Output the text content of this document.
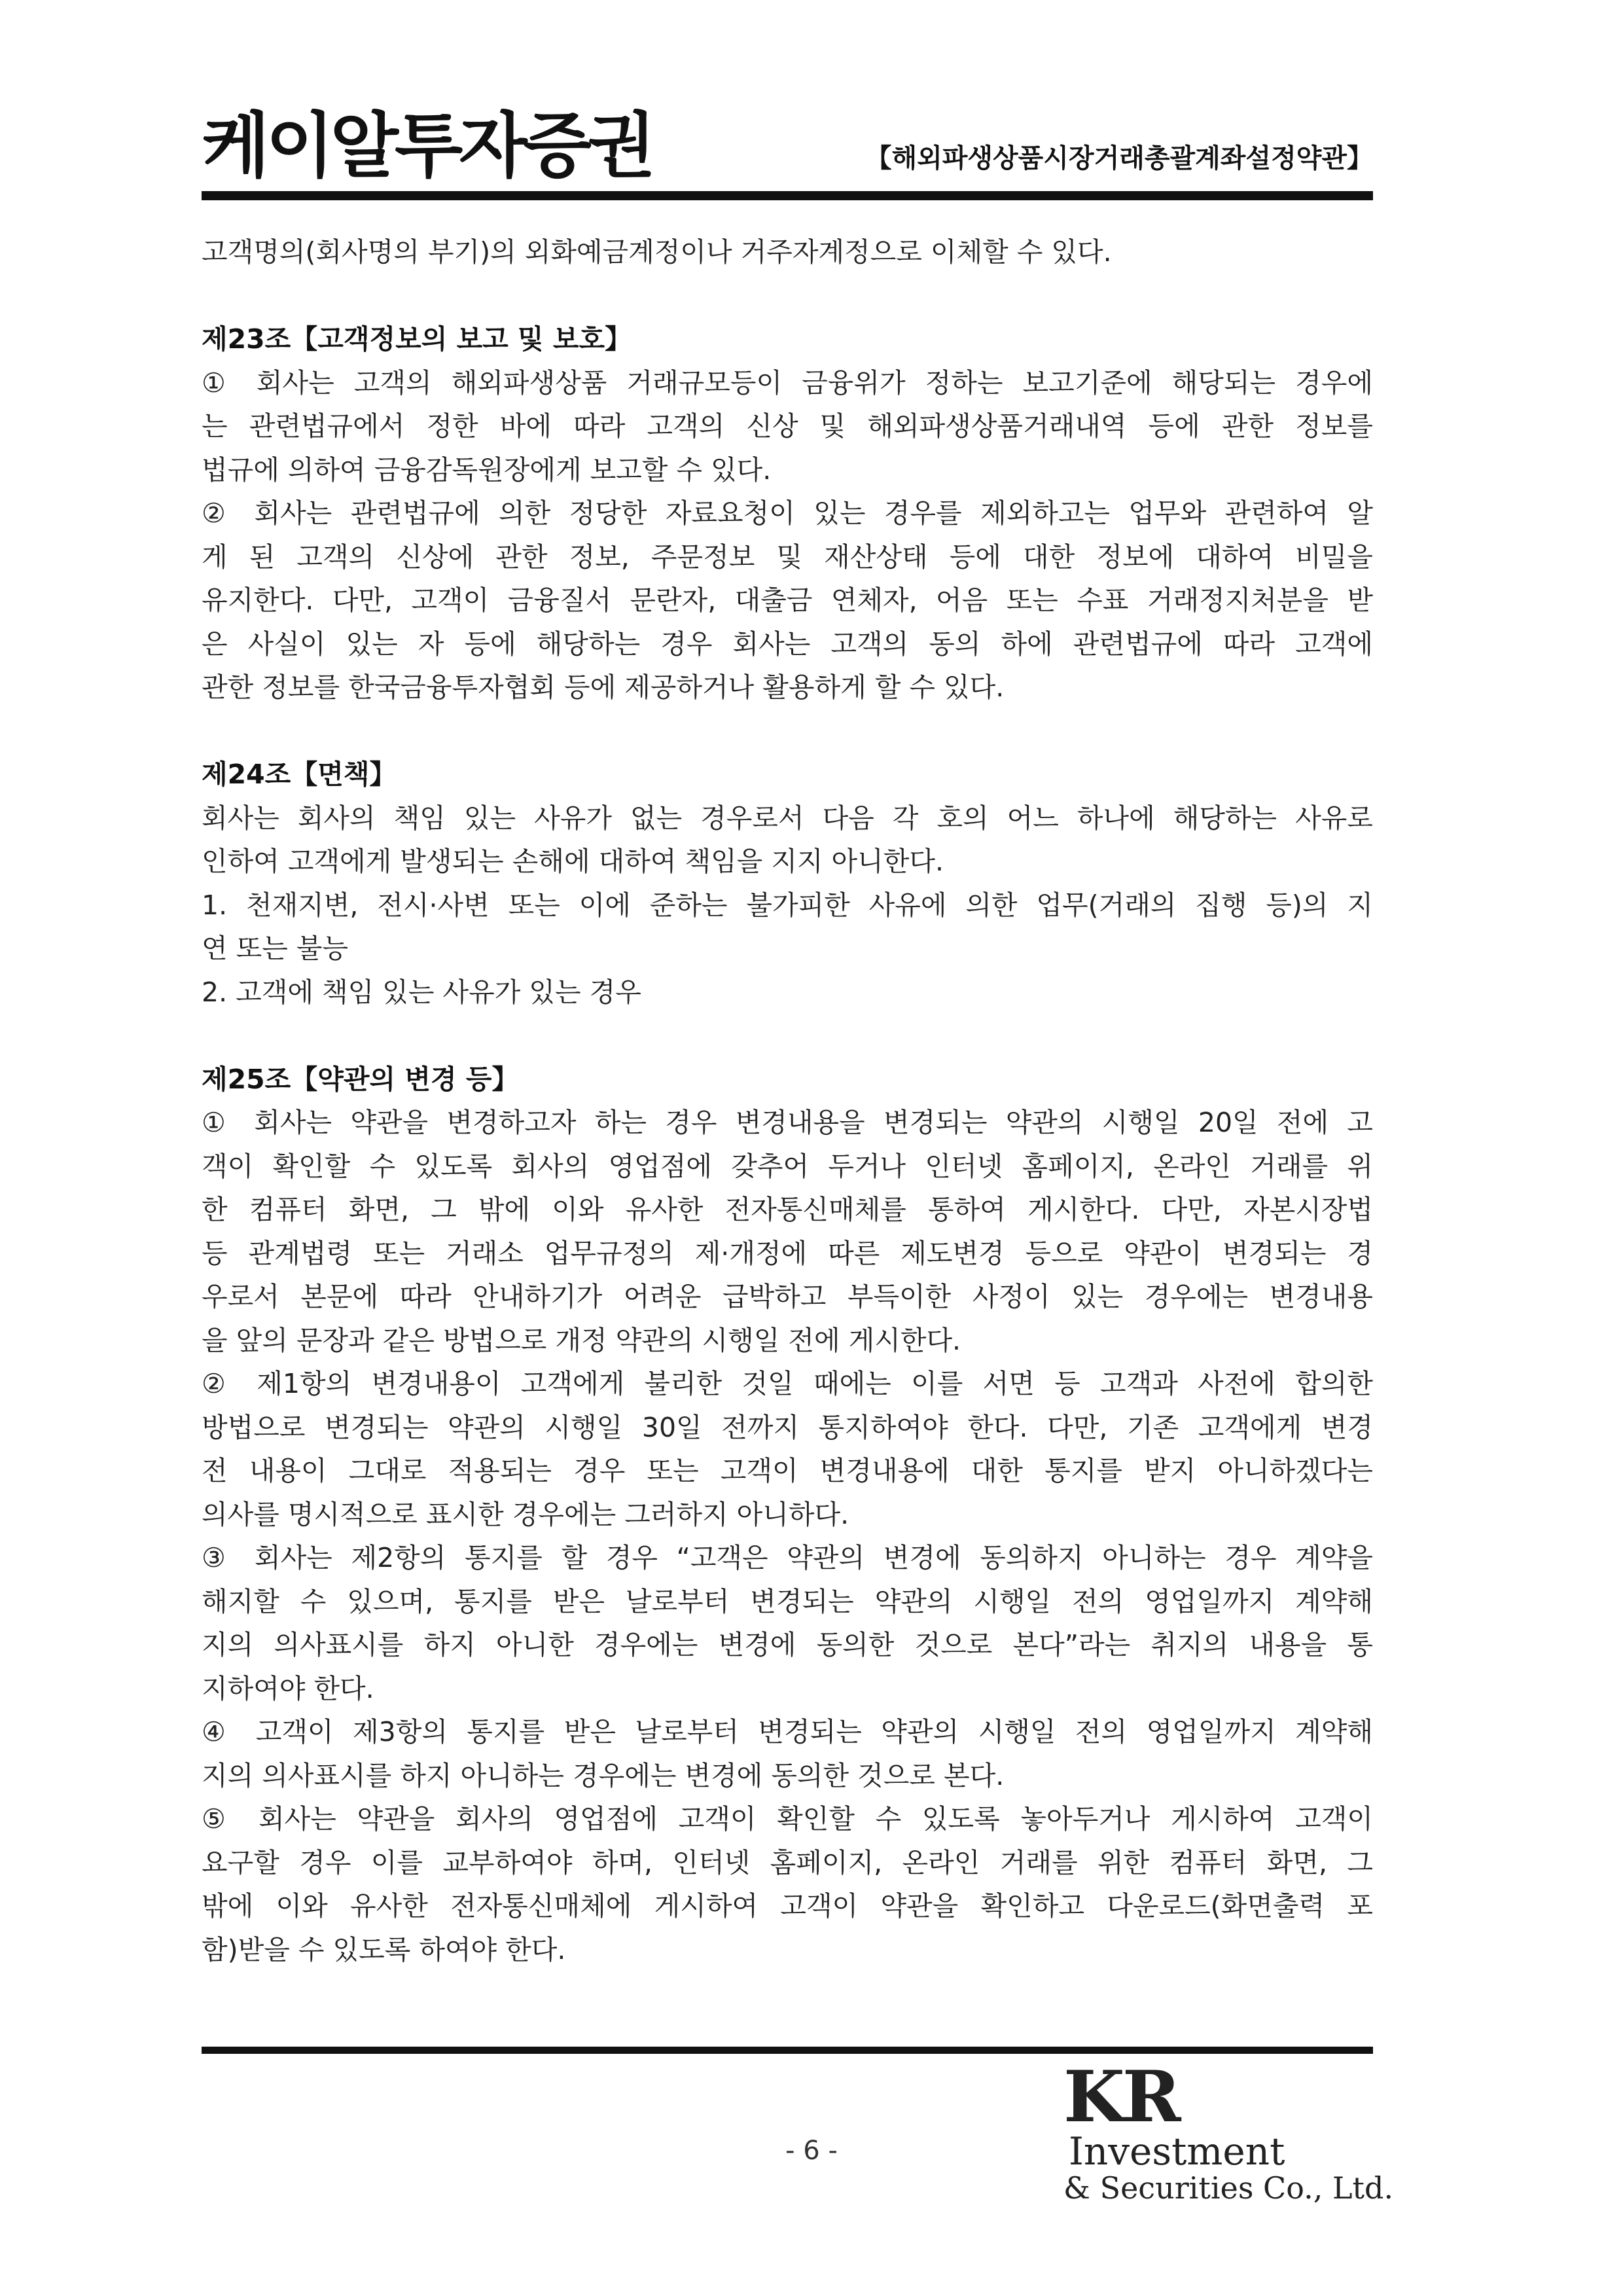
케이알투자증권	【해외파생상품시장거래총괄계좌설정약관】
고객명의(회사명의 부기)의 외화예금계정이나 거주자계정으로 이체할 수 있다.
제23조【고객정보의 보고 및 보호】
① 회사는 고객의 해외파생상품 거래규모등이 금융위가 정하는 보고기준에 해당되는 경우에
는 관련법규에서 정한 바에 따라 고객의 신상 및 해외파생상품거래내역 등에 관한 정보를
법규에 의하여 금융감독원장에게 보고할 수 있다.
② 회사는 관련법규에 의한 정당한 자료요청이 있는 경우를 제외하고는 업무와 관련하여 알
게 된 고객의 신상에 관한 정보, 주문정보 및 재산상태 등에 대한 정보에 대하여 비밀을
유지한다. 다만, 고객이 금융질서 문란자, 대출금 연체자, 어음 또는 수표 거래정지처분을 받
은 사실이 있는 자 등에 해당하는 경우 회사는 고객의 동의 하에 관련법규에 따라 고객에
관한 정보를 한국금융투자협회 등에 제공하거나 활용하게 할 수 있다.
제24조【면책】
회사는 회사의 책임 있는 사유가 없는 경우로서 다음 각 호의 어느 하나에 해당하는 사유로
인하여 고객에게 발생되는 손해에 대하여 책임을 지지 아니한다.
1. 천재지변, 전시·사변 또는 이에 준하는 불가피한 사유에 의한 업무(거래의 집행 등)의 지
연 또는 불능
2. 고객에 책임 있는 사유가 있는 경우
제25조【약관의 변경 등】
① 회사는 약관을 변경하고자 하는 경우 변경내용을 변경되는 약관의 시행일 20일 전에 고
객이 확인할 수 있도록 회사의 영업점에 갖추어 두거나 인터넷 홈페이지, 온라인 거래를 위
한 컴퓨터 화면, 그 밖에 이와 유사한 전자통신매체를 통하여 게시한다. 다만, 자본시장법
등 관계법령 또는 거래소 업무규정의 제·개정에 따른 제도변경 등으로 약관이 변경되는 경
우로서 본문에 따라 안내하기가 어려운 급박하고 부득이한 사정이 있는 경우에는 변경내용
을 앞의 문장과 같은 방법으로 개정 약관의 시행일 전에 게시한다.
② 제1항의 변경내용이 고객에게 불리한 것일 때에는 이를 서면 등 고객과 사전에 합의한
방법으로 변경되는 약관의 시행일 30일 전까지 통지하여야 한다. 다만, 기존 고객에게 변경
전 내용이 그대로 적용되는 경우 또는 고객이 변경내용에 대한 통지를 받지 아니하겠다는
의사를 명시적으로 표시한 경우에는 그러하지 아니하다.
③ 회사는 제2항의 통지를 할 경우 “고객은 약관의 변경에 동의하지 아니하는 경우 계약을
해지할 수 있으며, 통지를 받은 날로부터 변경되는 약관의 시행일 전의 영업일까지 계약해
지의 의사표시를 하지 아니한 경우에는 변경에 동의한 것으로 본다”라는 취지의 내용을 통
지하여야 한다.
④ 고객이 제3항의 통지를 받은 날로부터 변경되는 약관의 시행일 전의 영업일까지 계약해
지의 의사표시를 하지 아니하는 경우에는 변경에 동의한 것으로 본다.
⑤ 회사는 약관을 회사의 영업점에 고객이 확인할 수 있도록 놓아두거나 게시하여 고객이
요구할 경우 이를 교부하여야 하며, 인터넷 홈페이지, 온라인 거래를 위한 컴퓨터 화면, 그
밖에 이와 유사한 전자통신매체에 게시하여 고객이 약관을 확인하고 다운로드(화면출력 포
함)받을 수 있도록 하여야 한다.
- 6 -
KRInvestment
& Securities Co., Ltd.
